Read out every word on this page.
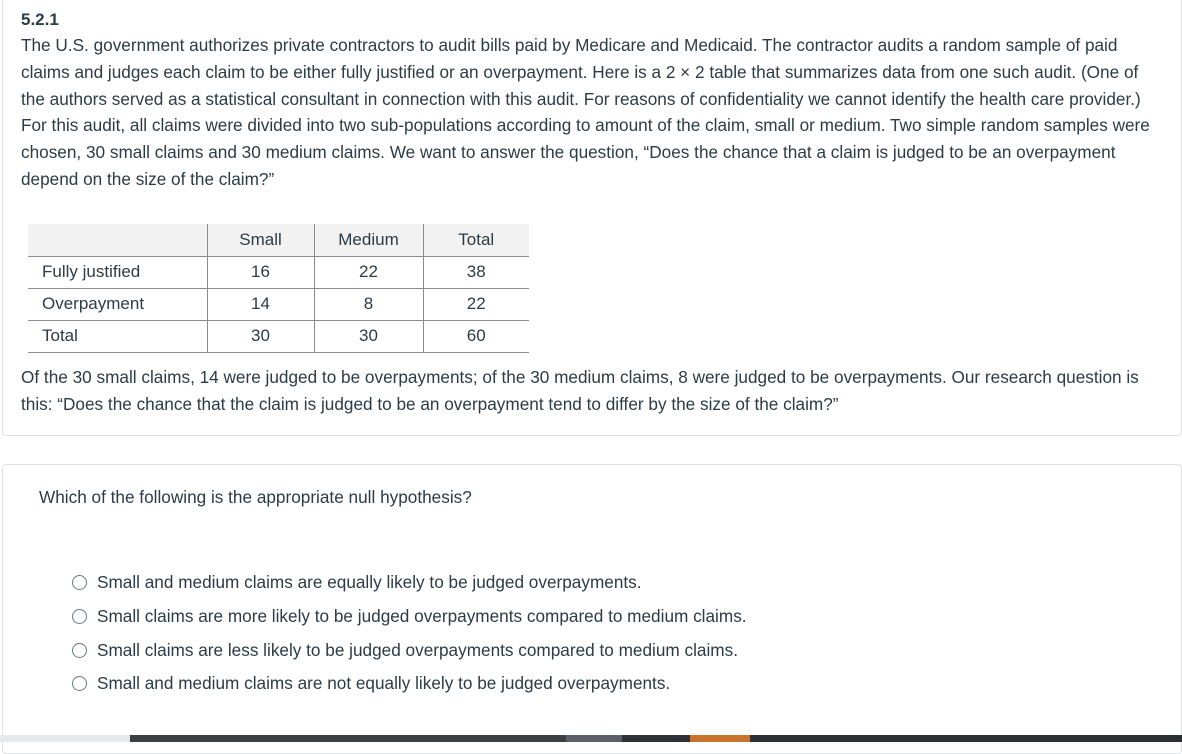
5.2.1
The U.S. government authorizes private contractors to audit bills paid by Medicare and Medicaid. The contractor audits a random sample of paid claims and judges each claim to be either fully justified or an overpayment. Here is a 2 × 2 table that summarizes data from one such audit. (One of the authors served as a statistical consultant in connection with this audit. For reasons of confidentiality we cannot identify the health care provider.) For this audit, all claims were divided into two sub-populations according to amount of the claim, small or medium. Two simple random samples were chosen, 30 small claims and 30 medium claims. We want to answer the question, “Does the chance that a claim is judged to be an overpayment depend on the size of the claim?”
	Small	Medium	Total
Fully justified	16	22	38
Overpayment	14	8	22
Total	30	30	60
Of the 30 small claims, 14 were judged to be overpayments; of the 30 medium claims, 8 were judged to be overpayments. Our research question is this: “Does the chance that the claim is judged to be an overpayment tend to differ by the size of the claim?”
Which of the following is the appropriate null hypothesis?
Small and medium claims are equally likely to be judged overpayments.
Small claims are more likely to be judged overpayments compared to medium claims.
Small claims are less likely to be judged overpayments compared to medium claims.
Small and medium claims are not equally likely to be judged overpayments.
